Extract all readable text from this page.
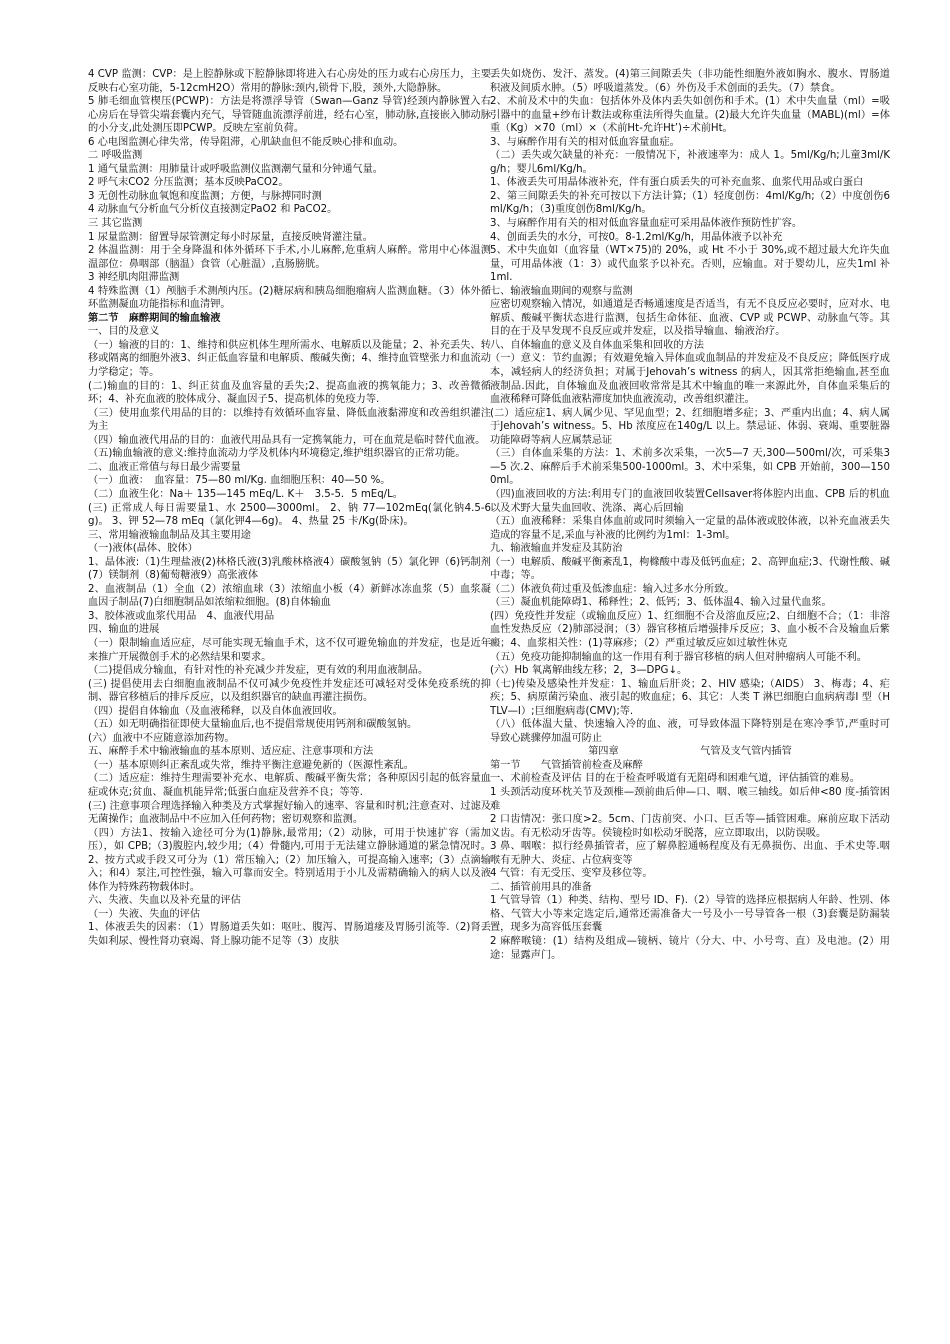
4 CVP 监测：CVP：是上腔静脉或下腔静脉即将进入右心房处的压力或右心房压力，主要反映右心室功能，5-12cmH2O）常用的静脉:颈内,锁骨下,股，颈外,大隐静脉。

5 肺毛细血管楔压(PCWP)：方法是将漂浮导管（Swan—Ganz 导管)经颈内静脉置入右心房后在导管尖端套囊内充气，导管随血流漂浮前进，经右心室，肺动脉,直接嵌入肺动脉的小分支,此处测压即PCWP。反映左室前负荷。

6 心电图监测心律失常，传导阻滞，心肌缺血但不能反映心排和血动。

二 呼吸监测

1 通气量监测：用肺量计或呼吸监测仪监测潮气量和分钟通气量。

2 呼气末CO2 分压监测；基本反映PaCO2。

3 无创性动脉血氧饱和度监测；方便，与脉搏同时测

4 动脉血气分析血气分析仪直接测定PaO2 和 PaCO2。

三 其它监测

1 尿量监测：留置导尿管测定每小时尿量，直接反映肾灌注量。

2 体温监测：用于全身降温和体外循环下手术,小儿麻醉,危重病人麻醉。常用中心体温测温部位：鼻咽部（脑温）食管（心脏温）,直肠膀胱。

3 神经肌肉阻滞监测

4 特殊监测（1）颅脑手术测颅内压。(2)糖尿病和胰岛细胞瘤病人监测血糖。（3）体外循环监测凝血功能指标和血清钾。

第二节　麻醉期间的输血输液

一、目的及意义

（一）输液的目的：1、维持和供应机体生理所需水、电解质以及能量；2、补充丢失、转移或隔离的细胞外液3、纠正低血容量和电解质、酸碱失衡；4、维持血管壁张力和血流动力学稳定；等。

(二)输血的目的：1、纠正贫血及血容量的丢失;2、提高血液的携氧能力；3、改善微循环；4、补充血液的胶体成分、凝血因子5、提高机体的免疫力等.

（三）使用血浆代用品的目的：以维持有效循环血容量、降低血液黏滞度和改善组织灌注为主

（四）输血液代用品的目的：血液代用品具有一定携氧能力，可在血荒是临时替代血液。

（五)输血输液的意义:维持血流动力学及机体内环境稳定,维护组织器官的正常功能。

二、血液正常值与每日最少需要量

（一）血液：　血容量：75—80 ml/Kg. 血细胞压积：40—50 %。

（二）血液生化：Na＋ 135—145 mEq/L. K＋　3.5-5．5 mEq/L。

(三) 正常成人每日需要量1、水 2500—3000ml。 2、钠 77—102mEq(氯化钠4.5-6g)。 3、钾 52—78 mEq（氯化钾4—6g)。 4、热量 25 卡/Kg(卧床)。

三、常用输液输血制品及其主要用途

（一)液体(晶体、胶体）

1、晶体液:（1)生理盐液(2)林格氏液(3)乳酸林格液4）碳酸氢钠（5）氯化钾（6)钙制剂(7）镁制剂（8)葡萄糖液9）高张液体

2、血液制品（1）全血（2）浓缩血球（3）浓缩血小板（4）新鲜冰冻血浆（5）血浆凝血因子制品(7)白细胞制品如浓缩粒细胞。(8)自体输血

3、胶体液或血浆代用品　4、血液代用品

四、输血的进展

（一）限制输血适应症，尽可能实现无输血手术，这不仅可避免输血的并发症，也是近年来推广开展微创手术的必然结果和要求。

（二)提倡成分输血，有针对性的补充减少并发症，更有效的利用血液制品。

(三) 提倡使用去白细胞血液制品不仅可减少免疫性并发症还可减轻对受体免疫系统的抑制、器官移植后的排斥反应，以及组织器官的缺血再灌注损伤。

（四）提倡自体输血（及血液稀释，以及自体血液回收。

（五）如无明确指征即使大量输血后,也不提倡常规使用钙剂和碳酸氢钠。

(六）血液中不应随意添加药物。

五、麻醉手术中输液输血的基本原则、适应症、注意事项和方法

（一）基本原则纠正紊乱或失常，维持平衡注意避免新的（医源性紊乱。

（二）适应症：维持生理需要补充水、电解质、酸碱平衡失常；各种原因引起的低容量血症或休克;贫血、凝血机能异常;低蛋白血症及营养不良；等等.

(三) 注意事项合理选择输入种类及方式掌握好输入的速率、容量和时机;注意查对、过滤及无菌操作；血液制品中不应加入任何药物；密切观察和监测。

（四）方法1、按输入途径可分为(1)静脉,最常用;（2）动脉，可用于快速扩容（需加压），如 CPB;（3)腹腔内,较少用;（4）骨髓内,可用于无法建立静脉通道的紧急情况时。2、按方式或手段又可分为（1）常压输入;（2）加压输入，可提高输入速率;（3）点滴输入；和4）泵注,可控性强，输入可靠而安全。特别适用于小儿及需精确输入的病人以及液体作为特殊药物载体时。

六、失液、失血以及补充量的评估

（一）失液、失血的评估

1、体液丢失的因素：（1）胃肠道丢失如：呕吐、腹泻、胃肠道瘘及胃肠引流等.（2)肾丢失如利尿、慢性肾功衰竭、肾上腺功能不足等（3）皮肤

丢失如烧伤、发汗、蒸发。(4)第三间隙丢失（非功能性细胞外液如胸水、腹水、胃肠道积液及间质水肿。（5）呼吸道蒸发。（6）外伤及手术创面的丢失。（7）禁食。

2、术前及术中的失血：包括体外及体内丢失如创伤和手术。(1）术中失血量（ml）=吸引器中的血量+纱布计数法或称重法所得失血量。(2)最大允许失血量（MABL)(ml）=体重（Kg）×70（ml）×（术前Ht-允许Ht’)÷术前Ht。

3、与麻醉作用有关的相对低血容量血症。

（二）丢失或欠缺量的补充：一般情况下，补液速率为：成人 1。5ml/Kg/h;儿童3ml/Kg/h；婴儿6ml/Kg/h。

1、体液丢失可用晶体液补充，伴有蛋白质丢失的可补充血浆、血浆代用品或白蛋白

2、第三间隙丢失的补充可按以下方法计算;（1）轻度创伤：4ml/Kg/h;（2）中度创伤6ml/Kg/h；（3)重度创伤8ml/Kg/h。

3、与麻醉作用有关的相对低血容量血症可采用晶体液作预防性扩容。

4、创面丢失的水分，可按0。8-1.2ml/Kg/h，用晶体液予以补充

5、术中失血如（血容量（WT×75)的 20%，或 Ht 不小于 30%,或不超过最大允许失血量，可用晶体液（1：3）或代血浆予以补充。否则，应输血。对于婴幼儿，应失1ml 补 1ml.

七、输液输血期间的观察与监测

应密切观察输入情况，如通道是否畅通速度是否适当，有无不良反应必要时，应对水、电解质、酸碱平衡状态进行监测，包括生命体征、血液、CVP 或 PCWP、动脉血气等。其目的在于及早发现不良反应或并发症，以及指导输血、输液治疗。

八、自体输血的意义及自体血采集和回收的方法

（一）意义：节约血源；有效避免输入异体血或血制品的并发症及不良反应；降低医疗成本，减轻病人的经济负担；对属于Jehovah’s witness 的病人，因其常拒绝输血,甚至血液制品.因此，自体输血及血液回收常常是其术中输血的唯一来源此外，自体血采集后的血液稀释可降低血液粘滞度加快血液流动，改善组织灌注。

(二）适应症1、病人属少见、罕见血型；2、红细胞增多症；3、严重内出血；4、病人属于Jehovah’s witness。5、Hb 浓度应在140g/L 以上。禁忌证、体弱、衰竭、重要脏器功能障碍等病人应属禁忌证

（三）自体血采集的方法：1、术前多次采集，一次5—7 天,300—500ml/次，可采集3—5 次.2、麻醉后手术前采集500-1000ml。3、术中采集，如 CPB 开始前，300—1500ml。

（四)血液回收的方法:利用专门的血液回收装置Cellsaver将体腔内出血、CPB 后的机血以及术野大量失血回收、洗涤、离心后回输

（五）血液稀释：采集自体血前或同时须输入一定量的晶体液或胶体液，以补充血液丢失造成的容量不足,采血与补液的比例约为1ml：1-3ml。

九、输液输血并发症及其防治

（一）电解质、酸碱平衡紊乱1，枸橼酸中毒及低钙血症；2、高钾血症;3、代谢性酸、碱中毒；等。

（二）体液负荷过重及低渗血症：输入过多水分所致。

（三）凝血机能障碍1、稀释性；2、低钙；3、低体温4、输入过量代血浆。

(四）免疫性并发症（或输血反应）1、红细胞不合及溶血反应;2、白细胞不合；（1：非溶血性发热反应（2)肺部浸润；（3）器官移植后增强排斥反应；3、血小板不合及输血后紫癜；4、血浆相关性：(1)荨麻疹；（2）严重过敏反应如过敏性休克

（五）免疫功能抑制输血的这一作用有利于器官移植的病人但对肿瘤病人可能不利。

(六）Hb 氧离解曲线左移；2，3—DPG↓。

（七)传染及感染性并发症：1、输血后肝炎；2、HIV 感染;（AIDS） 3、梅毒；4、疟疾；5、病原菌污染血、液引起的败血症；6、其它：人类 T 淋巴细胞白血病病毒I 型（HTLV—I）;巨细胞病毒(CMV);等.

（八）低体温大量、快速输入冷的血、液，可导致体温下降特别是在寒冷季节,严重时可导致心跳骤停加温可防止

第四章　　　　　　　　气管及支气管内插管

第一节　　气管插管前检查及麻醉

一、术前检查及评估 目的在于检查呼吸道有无阻碍和困难气道，评估插管的难易。

1 头颈活动度环枕关节及颈椎—颈前曲后伸—口、咽、喉三轴线。如后伸<80 度-插管困难

2 口齿情况：张口度>2。5cm、门齿前突、小口、巨舌等—插管困难。麻前应取下活动义齿。有无松动牙齿等。侯镜检时如松动牙脱落，应立即取出，以防误吸。

3 鼻、咽喉：拟行经鼻插管者，应了解鼻腔通畅程度及有无鼻损伤、出血、手术史等.咽喉有无肿大、炎症、占位病变等

4 气管：有无受压、变窄及移位等。

二、插管前用具的准备

1 气管导管（1）种类、结构、型号 ID、F).（2）导管的选择应根据病人年龄、性别、体格、气管大小等来定选定后,通常还需准备大一号及小一号导管各一根（3)套囊是防漏装置，现多为高容低压套囊

2 麻醉喉镜：(1）结构及组成—镜柄、镜片（分大、中、小号弯、直）及电池。(2）用途：显露声门。
